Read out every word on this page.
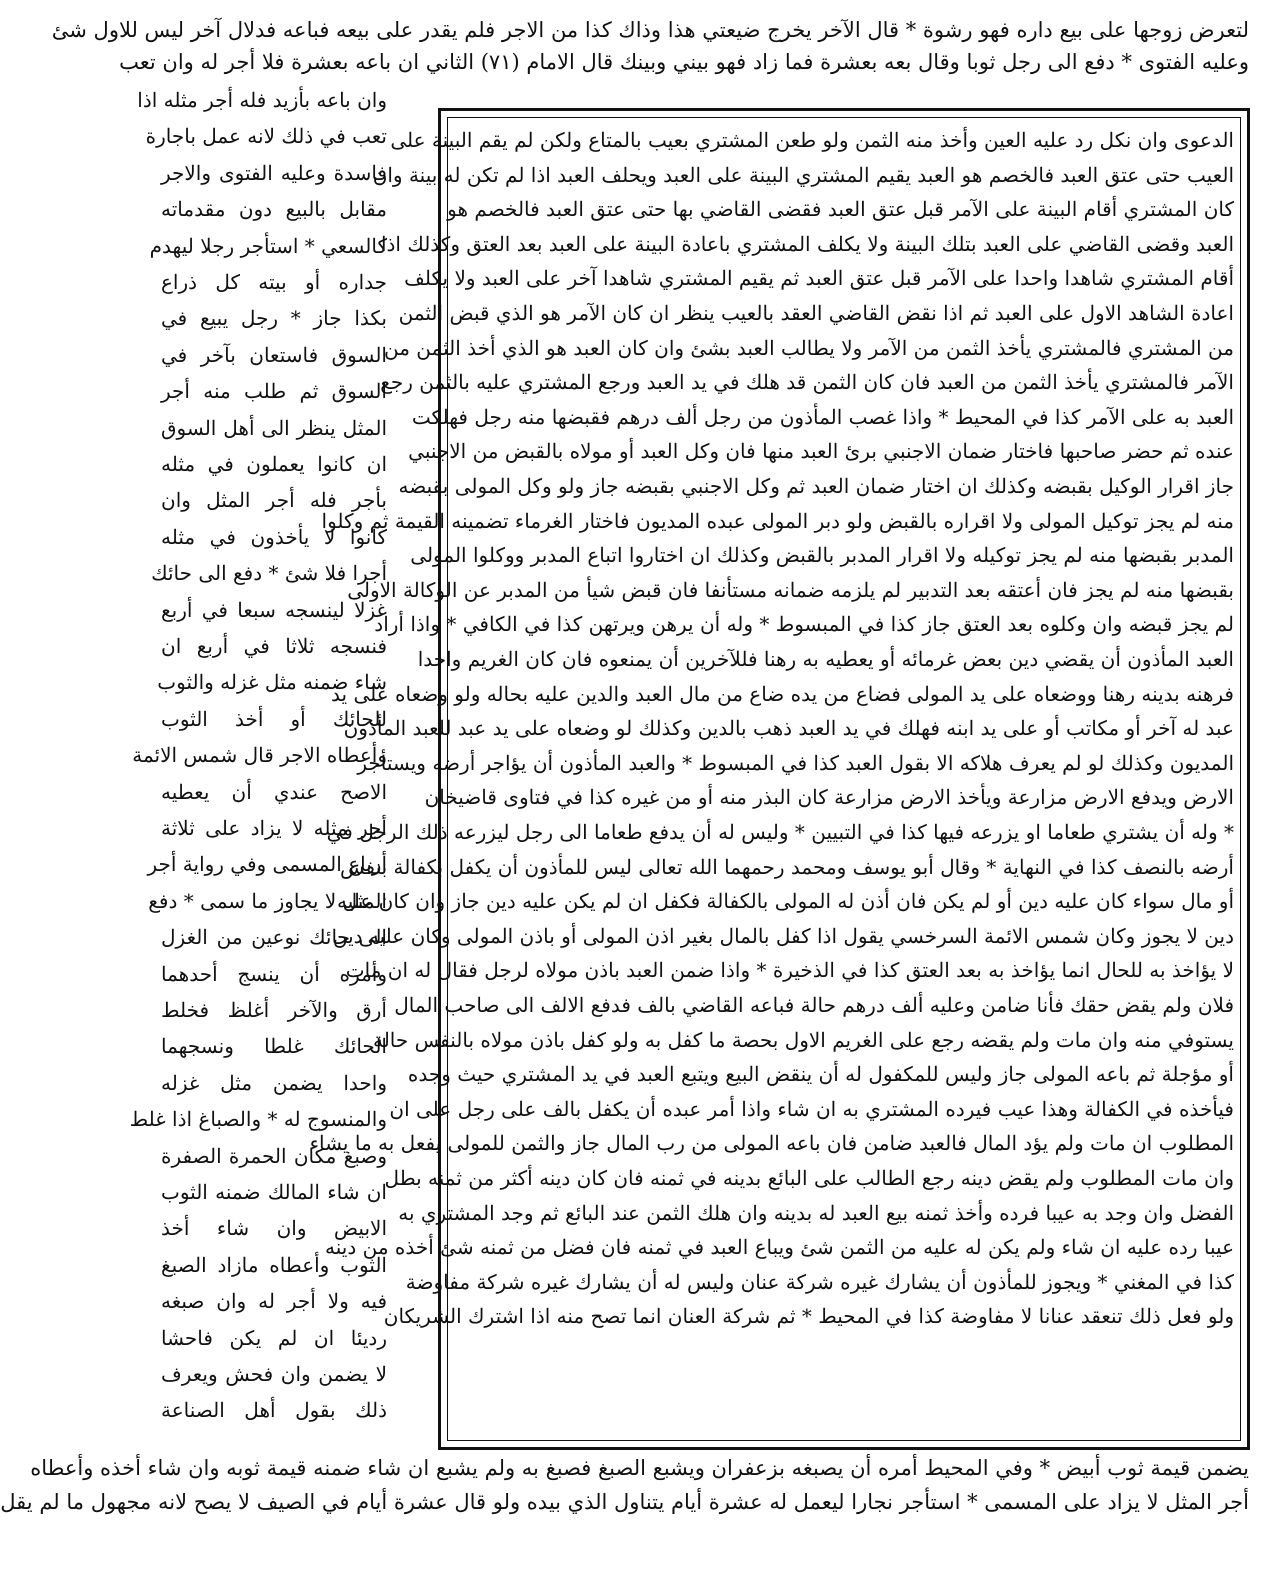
لتعرض زوجها على بيع داره فهو رشوة * قال الآخر يخرج ضيعتي هذا وذاك كذا من الاجر فلم يقدر على بيعه فباعه فدلال آخر ليس للاول شئ
وعليه الفتوى * دفع الى رجل ثوبا وقال بعه بعشرة فما زاد فهو بيني وبينك قال الامام (٧١) الثاني ان باعه بعشرة فلا أجر له وان تعب
وان باعه بأزيد فله أجر مثله اذا
تعب في ذلك لانه عمل باجارة
فاسدة وعليه الفتوى والاجر
مقابل بالبيع دون مقدماته
كالسعي * استأجر رجلا ليهدم
جداره أو بيته كل ذراع
بكذا جاز * رجل يبيع في
السوق فاستعان بآخر في
السوق ثم طلب منه أجر
المثل ينظر الى أهل السوق
ان كانوا يعملون في مثله
بأجر فله أجر المثل وان
كانوا لا يأخذون في مثله
أجرا فلا شئ * دفع الى حائك
غزلا لينسجه سبعا في أربع
فنسجه ثلاثا في أربع ان
شاء ضمنه مثل غزله والثوب
للحائك أو أخذ الثوب
وأعطاه الاجر قال شمس الائمة
الاصح عندي أن يعطيه
أجر مثله لا يزاد على ثلاثة
أرباع المسمى وفي رواية أجر
المثل لا يجاوز ما سمى * دفع
الى حائك نوعين من الغزل
وأمره أن ينسج أحدهما
أرق والآخر أغلظ فخلط
الحائك غلطا ونسجهما
واحدا يضمن مثل غزله
والمنسوج له * والصباغ اذا غلط
وصبغ مكان الحمرة الصفرة
ان شاء المالك ضمنه الثوب
الابيض وان شاء أخذ
الثوب وأعطاه مازاد الصبغ
فيه ولا أجر له وان صبغه
رديئا ان لم يكن فاحشا
لا يضمن وان فحش ويعرف
ذلك بقول أهل الصناعة
الدعوى وان نكل رد عليه العين وأخذ منه الثمن ولو طعن المشتري بعيب بالمتاع ولكن لم يقم البينة على
العيب حتى عتق العبد فالخصم هو العبد يقيم المشتري البينة على العبد ويحلف العبد اذا لم تكن له بينة وان
كان المشتري أقام البينة على الآمر قبل عتق العبد فقضى القاضي بها حتى عتق العبد فالخصم هو
العبد وقضى القاضي على العبد بتلك البينة ولا يكلف المشتري باعادة البينة على العبد بعد العتق وكذلك اذا
أقام المشتري شاهدا واحدا على الآمر قبل عتق العبد ثم يقيم المشتري شاهدا آخر على العبد ولا يكلف
اعادة الشاهد الاول على العبد ثم اذا نقض القاضي العقد بالعيب ينظر ان كان الآمر هو الذي قبض الثمن
من المشتري فالمشتري يأخذ الثمن من الآمر ولا يطالب العبد بشئ وان كان العبد هو الذي أخذ الثمن من
الآمر فالمشتري يأخذ الثمن من العبد فان كان الثمن قد هلك في يد العبد ورجع المشتري عليه بالثمن رجع
العبد به على الآمر كذا في المحيط * واذا غصب المأذون من رجل ألف درهم فقبضها منه رجل فهلكت
عنده ثم حضر صاحبها فاختار ضمان الاجنبي برئ العبد منها فان وكل العبد أو مولاه بالقبض من الاجنبي
جاز اقرار الوكيل بقبضه وكذلك ان اختار ضمان العبد ثم وكل الاجنبي بقبضه جاز ولو وكل المولى بقبضه
منه لم يجز توكيل المولى ولا اقراره بالقبض ولو دبر المولى عبده المديون فاختار الغرماء تضمينه القيمة ثم وكلوا
المدبر بقبضها منه لم يجز توكيله ولا اقرار المدبر بالقبض وكذلك ان اختاروا اتباع المدبر ووكلوا المولى
بقبضها منه لم يجز فان أعتقه بعد التدبير لم يلزمه ضمانه مستأنفا فان قبض شيأ من المدبر عن الوكالة الاولى
لم يجز قبضه وان وكلوه بعد العتق جاز كذا في المبسوط * وله أن يرهن ويرتهن كذا في الكافي * واذا أراد
العبد المأذون أن يقضي دين بعض غرمائه أو يعطيه به رهنا فللآخرين أن يمنعوه فان كان الغريم واحدا
فرهنه بدينه رهنا ووضعاه على يد المولى فضاع من يده ضاع من مال العبد والدين عليه بحاله ولو وضعاه على يد
عبد له آخر أو مكاتب أو على يد ابنه فهلك في يد العبد ذهب بالدين وكذلك لو وضعاه على يد عبد للعبد المأذون
المديون وكذلك لو لم يعرف هلاكه الا بقول العبد كذا في المبسوط * والعبد المأذون أن يؤاجر أرضه ويستأجر
الارض ويدفع الارض مزارعة ويأخذ الارض مزارعة كان البذر منه أو من غيره كذا في فتاوى قاضيخان
* وله أن يشتري طعاما او يزرعه فيها كذا في التبيين * وليس له أن يدفع طعاما الى رجل ليزرعه ذلك الرجل في
أرضه بالنصف كذا في النهاية * وقال أبو يوسف ومحمد رحمهما الله تعالى ليس للمأذون أن يكفل بكفالة بنفس
أو مال سواء كان عليه دين أو لم يكن فان أذن له المولى بالكفالة فكفل ان لم يكن عليه دين جاز وان كان عليه
دين لا يجوز وكان شمس الائمة السرخسي يقول اذا كفل بالمال بغير اذن المولى أو باذن المولى وكان عليه دين
لا يؤاخذ به للحال انما يؤاخذ به بعد العتق كذا في الذخيرة * واذا ضمن العبد باذن مولاه لرجل فقال له ان مات
فلان ولم يقض حقك فأنا ضامن وعليه ألف درهم حالة فباعه القاضي بالف فدفع الالف الى صاحب المال
يستوفي منه وان مات ولم يقضه رجع على الغريم الاول بحصة ما كفل به ولو كفل باذن مولاه بالنفس حالة
أو مؤجلة ثم باعه المولى جاز وليس للمكفول له أن ينقض البيع ويتبع العبد في يد المشتري حيث وجده
فيأخذه في الكفالة وهذا عيب فيرده المشتري به ان شاء واذا أمر عبده أن يكفل بالف على رجل على ان
المطلوب ان مات ولم يؤد المال فالعبد ضامن فان باعه المولى من رب المال جاز والثمن للمولى يفعل به ما يشاء
وان مات المطلوب ولم يقض دينه رجع الطالب على البائع بدينه في ثمنه فان كان دينه أكثر من ثمنه بطل
الفضل وان وجد به عيبا فرده وأخذ ثمنه بيع العبد له بدينه وان هلك الثمن عند البائع ثم وجد المشتري به
عيبا رده عليه ان شاء ولم يكن له عليه من الثمن شئ ويباع العبد في ثمنه فان فضل من ثمنه شئ أخذه من دينه
كذا في المغني * ويجوز للمأذون أن يشارك غيره شركة عنان وليس له أن يشارك غيره شركة مفاوضة
ولو فعل ذلك تنعقد عنانا لا مفاوضة كذا في المحيط * ثم شركة العنان انما تصح منه اذا اشترك الشريكان
يضمن قيمة ثوب أبيض * وفي المحيط أمره أن يصبغه بزعفران ويشبع الصبغ فصبغ به ولم يشبع ان شاء ضمنه قيمة ثوبه وان شاء أخذه وأعطاه
أجر المثل لا يزاد على المسمى * استأجر نجارا ليعمل له عشرة أيام يتناول الذي بيده ولو قال عشرة أيام في الصيف لا يصح لانه مجهول ما لم يقل
